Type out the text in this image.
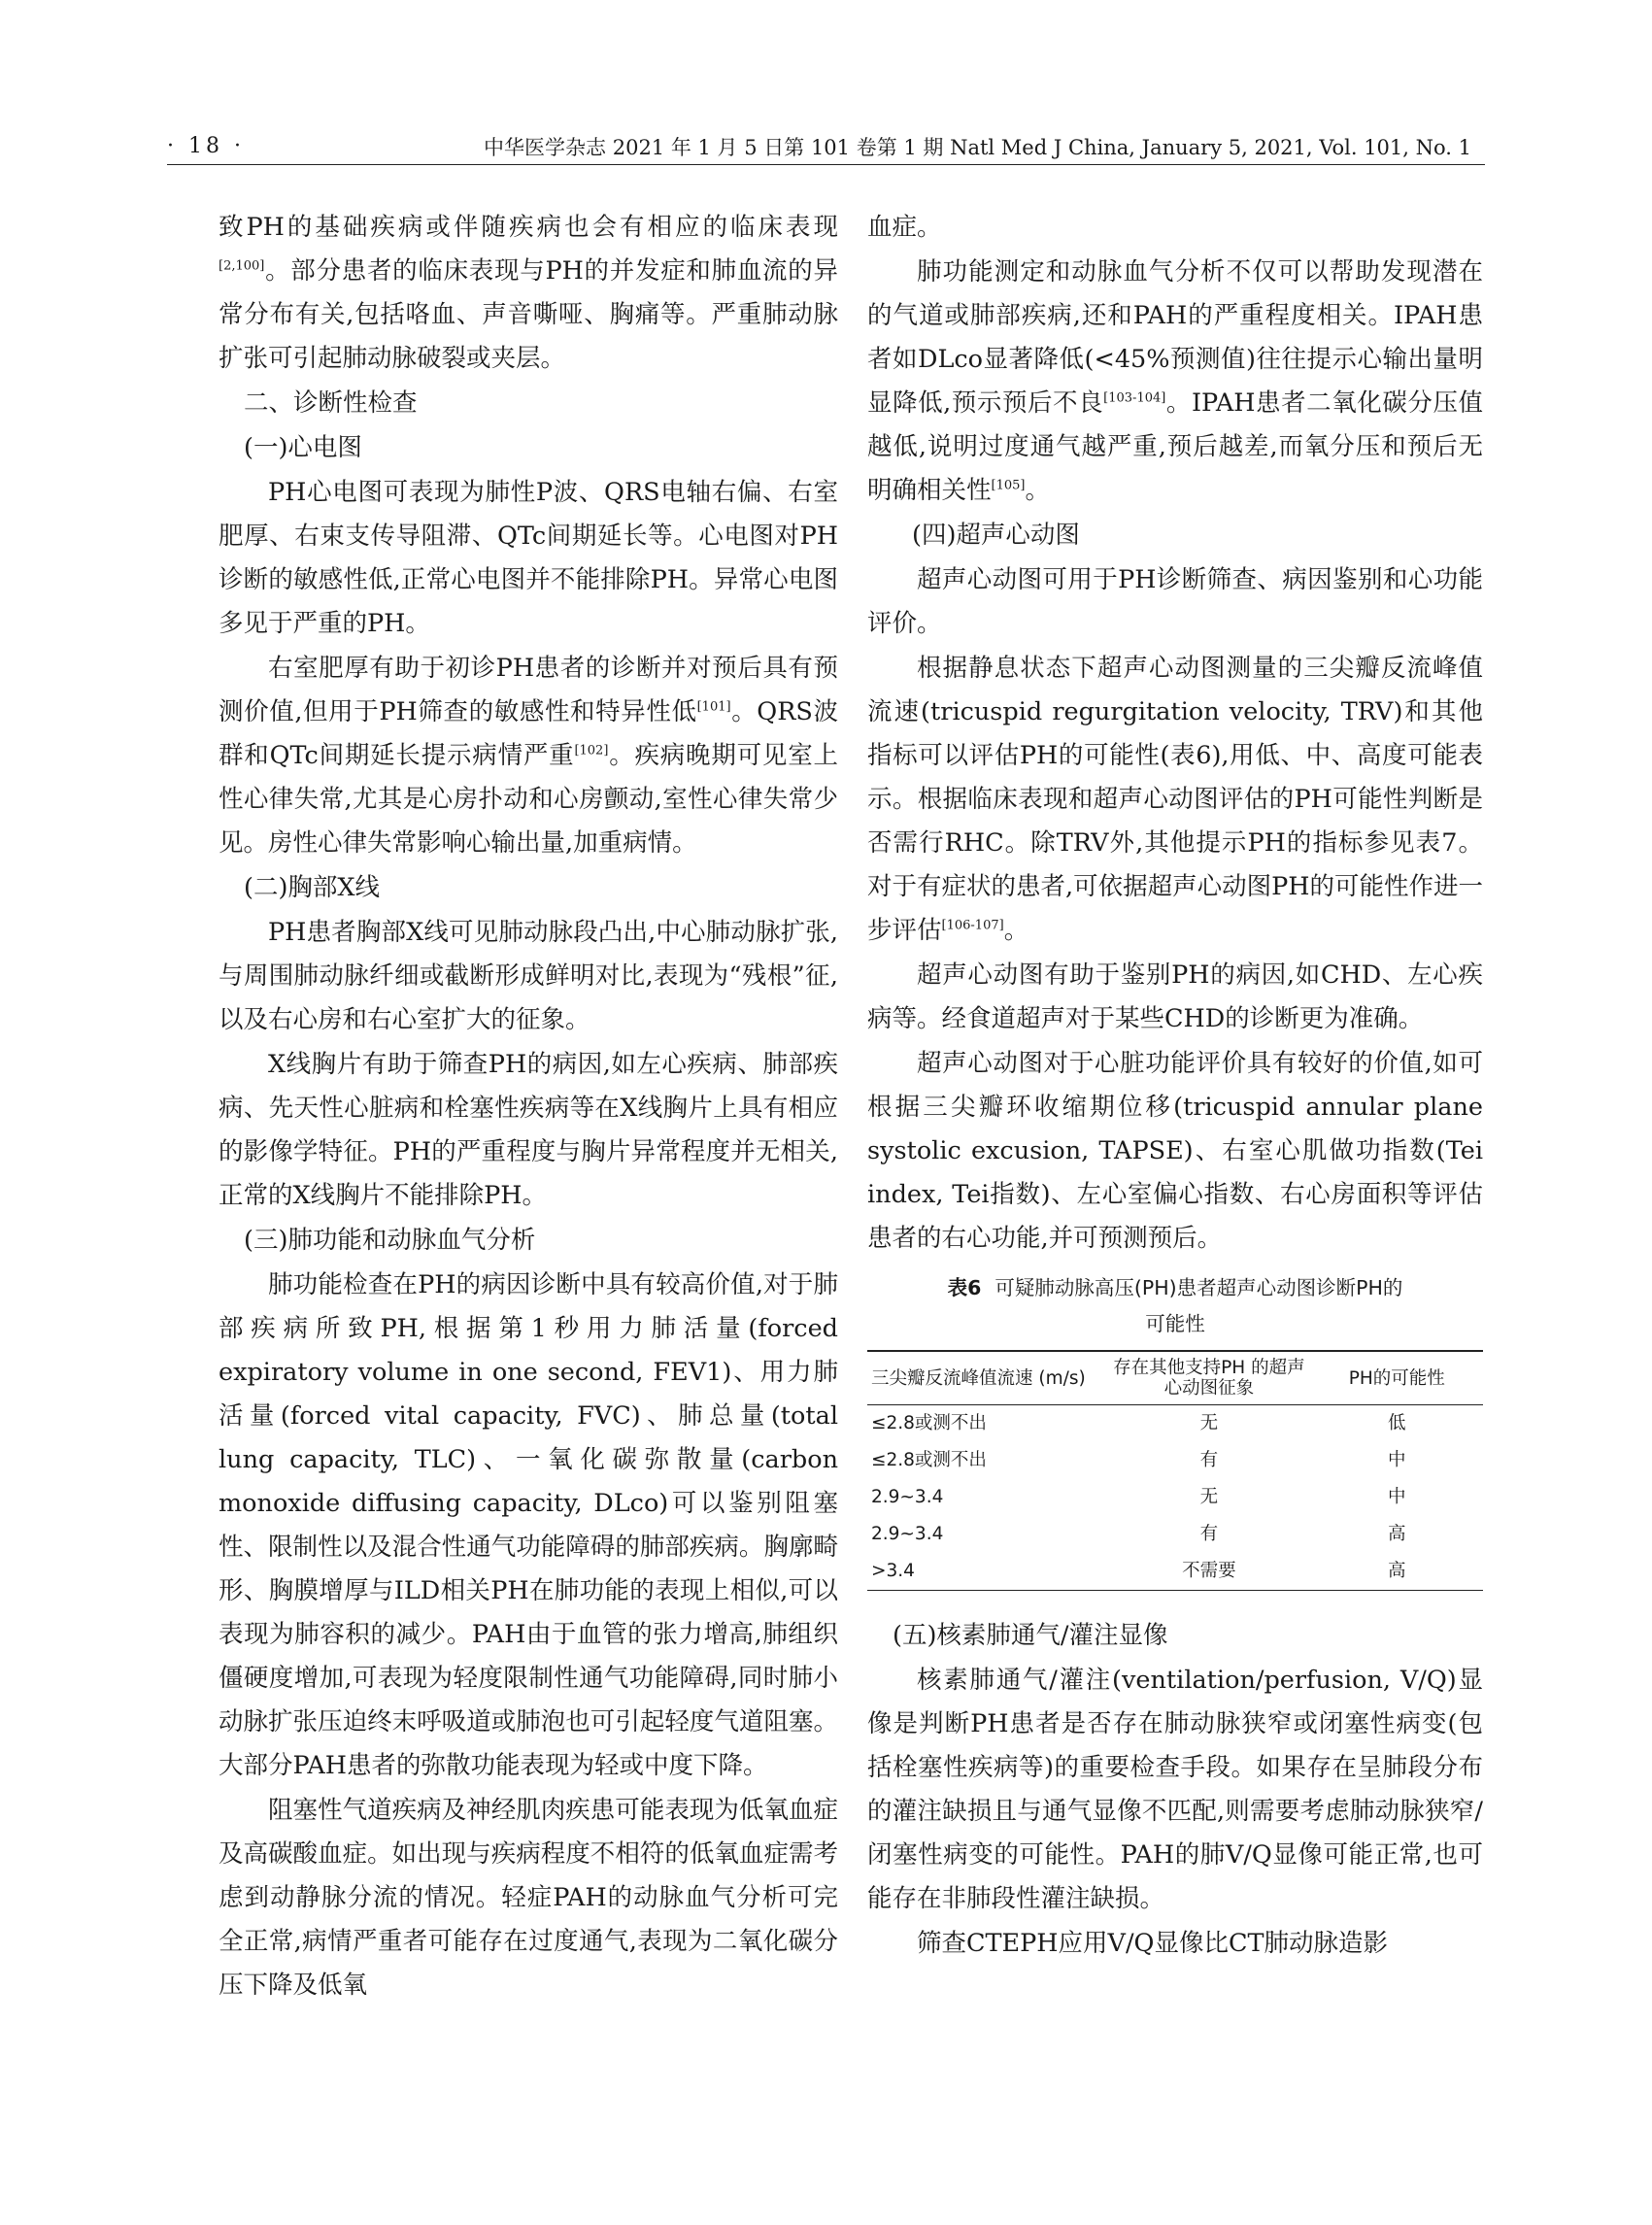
· 18 ·	中华医学杂志 2021 年 1 月 5 日第 101 卷第 1 期 Natl Med J China, January 5, 2021, Vol. 101, No. 1

致PH的基础疾病或伴随疾病也会有相应的临床表现[2,100]。部分患者的临床表现与PH的并发症和肺血流的异常分布有关,包括咯血、声音嘶哑、胸痛等。严重肺动脉扩张可引起肺动脉破裂或夹层。

二、诊断性检查

(一)心电图

PH心电图可表现为肺性P波、QRS电轴右偏、右室肥厚、右束支传导阻滞、QTc间期延长等。心电图对PH诊断的敏感性低,正常心电图并不能排除PH。异常心电图多见于严重的PH。

右室肥厚有助于初诊PH患者的诊断并对预后具有预测价值,但用于PH筛查的敏感性和特异性低[101]。QRS波群和QTc间期延长提示病情严重[102]。疾病晚期可见室上性心律失常,尤其是心房扑动和心房颤动,室性心律失常少见。房性心律失常影响心输出量,加重病情。

(二)胸部X线

PH患者胸部X线可见肺动脉段凸出,中心肺动脉扩张,与周围肺动脉纤细或截断形成鲜明对比,表现为“残根”征,以及右心房和右心室扩大的征象。

X线胸片有助于筛查PH的病因,如左心疾病、肺部疾病、先天性心脏病和栓塞性疾病等在X线胸片上具有相应的影像学特征。PH的严重程度与胸片异常程度并无相关,正常的X线胸片不能排除PH。

(三)肺功能和动脉血气分析

肺功能检查在PH的病因诊断中具有较高价值,对于肺部疾病所致PH,根据第1秒用力肺活量(forced expiratory volume in one second, FEV1)、用力肺活量(forced vital capacity, FVC)、肺总量(total lung capacity, TLC)、一氧化碳弥散量(carbon monoxide diffusing capacity, DLco)可以鉴别阻塞性、限制性以及混合性通气功能障碍的肺部疾病。胸廓畸形、胸膜增厚与ILD相关PH在肺功能的表现上相似,可以表现为肺容积的减少。PAH由于血管的张力增高,肺组织僵硬度增加,可表现为轻度限制性通气功能障碍,同时肺小动脉扩张压迫终末呼吸道或肺泡也可引起轻度气道阻塞。大部分PAH患者的弥散功能表现为轻或中度下降。

阻塞性气道疾病及神经肌肉疾患可能表现为低氧血症及高碳酸血症。如出现与疾病程度不相符的低氧血症需考虑到动静脉分流的情况。轻症PAH的动脉血气分析可完全正常,病情严重者可能存在过度通气,表现为二氧化碳分压下降及低氧

血症。

肺功能测定和动脉血气分析不仅可以帮助发现潜在的气道或肺部疾病,还和PAH的严重程度相关。IPAH患者如DLco显著降低(<45%预测值)往往提示心输出量明显降低,预示预后不良[103-104]。IPAH患者二氧化碳分压值越低,说明过度通气越严重,预后越差,而氧分压和预后无明确相关性[105]。

(四)超声心动图

超声心动图可用于PH诊断筛查、病因鉴别和心功能评价。

根据静息状态下超声心动图测量的三尖瓣反流峰值流速(tricuspid regurgitation velocity, TRV)和其他指标可以评估PH的可能性(表6),用低、中、高度可能表示。根据临床表现和超声心动图评估的PH可能性判断是否需行RHC。除TRV外,其他提示PH的指标参见表7。对于有症状的患者,可依据超声心动图PH的可能性作进一步评估[106-107]。

超声心动图有助于鉴别PH的病因,如CHD、左心疾病等。经食道超声对于某些CHD的诊断更为准确。

超声心动图对于心脏功能评价具有较好的价值,如可根据三尖瓣环收缩期位移(tricuspid annular plane systolic excusion, TAPSE)、右室心肌做功指数(Tei index, Tei指数)、左心室偏心指数、右心房面积等评估患者的右心功能,并可预测预后。

表6 可疑肺动脉高压(PH)患者超声心动图诊断PH的
可能性
三尖瓣反流峰值流速 (m/s)	存在其他支持PH 的超声心动图征象	PH的可能性
≤2.8或测不出	无	低
≤2.8或测不出	有	中
2.9~3.4	无	中
2.9~3.4	有	高
>3.4	不需要	高

(五)核素肺通气/灌注显像

核素肺通气/灌注(ventilation/perfusion, V/Q)显像是判断PH患者是否存在肺动脉狭窄或闭塞性病变(包括栓塞性疾病等)的重要检查手段。如果存在呈肺段分布的灌注缺损且与通气显像不匹配,则需要考虑肺动脉狭窄/闭塞性病变的可能性。PAH的肺V/Q显像可能正常,也可能存在非肺段性灌注缺损。

筛查CTEPH应用V/Q显像比CT肺动脉造影
